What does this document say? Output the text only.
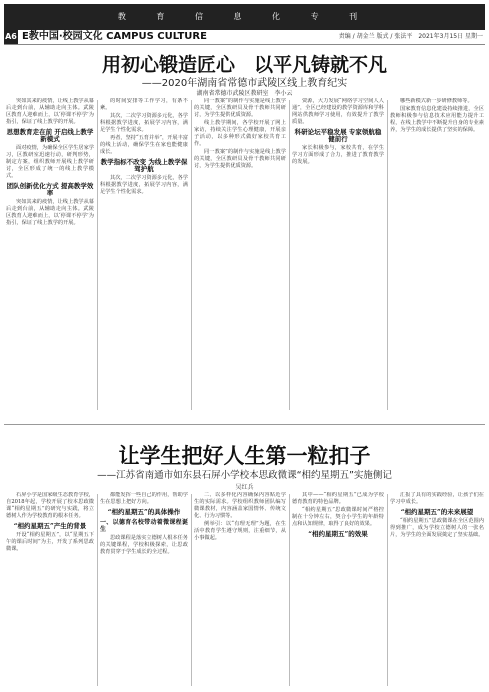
教 育 信 息 化 专 刊
A6 E教中国·校园文化 CAMPUS CULTURE	责编 / 胡金兰 版式 / 张法平　 2021年3月15日 星期一
用初心锻造匠心　以平凡铸就不凡
——2020年湖南省常德市武陵区线上教育纪实
湖南省常德市武陵区教研室　李小云

突如其来的疫情，让线上教学从幕后走到台前，从辅助走向主体。武陵区教育人迎难而上，以‘停课不停学’为指引，保证了线上教学的开展。

思想教育走在前 开启线上教学新模式

面对疫情，为确保全区学生居家学习，区教研室迅速行动，研判形势，制定方案，组织教师开展线上教学研讨，全区形成了统一的线上教学模式。

团队创新优化方式 提高教学效率

突如其来的疫情，让线上教学从幕后走到台前，从辅助走向主体。武陵区教育人迎难而上，以‘停课不停学’为指引，保证了线上教学的开展。

的时间安排等工作学习，有条不紊。

其次，二次学习资源多元化，各学科根据教学进度，拓展学习内容，满足学生个性化需求。

再者，坚持“五育并举”，开展丰富的线上活动，确保学生在家也能健康成长。

教学指标不改变 为线上教学保驾护航

其次，二次学习资源多元化，各学科根据教学进度，拓展学习内容，满足学生个性化需求。

同一教案”的制作与实施是线上教学的关键，全区教研员及骨干教师共同研讨，为学生提供优质资源。

线上教学期间，各学校开展了网上家访，持续关注学生心理健康，开展亲子活动，以多种形式做好家校共育工作。

同一教案”的制作与实施是线上教学的关键，全区教研员及骨干教师共同研讨，为学生提供优质资源。

资源，大力发展“网络学习空间人人通”，全区已经建设的教学资源库和学科网站供教师学习使用，有效提升了教学质量。

科研论坛平稳发展 专家领航稳健前行

家长积极参与，家校共育，在学生学习方面形成了合力，推进了教育教学的发展。

哪些新模式新一步研修教师等。

国家教育信息化建设持续推进，全区教师积极参与信息技术应用能力提升工程，在线上教学中不断提升自身的专业素养，为学生的成长提供了坚实的保障。

让学生把好人生第一粒扣子
——江苏省南通市如东县石屏小学校本思政微课“相约星期五”实施侧记
吴红兵

石屏小学是国家级生态教育学校，自2018年起，学校开展了校本思政微课“相约星期五”的研究与实践，将立德树人作为学校教育的根本任务。

“相约星期五”产生的背景

开设“相约星期五”，以“星期五下午的课后时间”为主，开发了系列思政微课。

都能发挥一些自己的作用，帮助学生在思想上把好方向。

“相约星期五”的具体操作
一、以德育名校带动着微课程诞生

思政课程是落实立德树人根本任务的关键课程，学校积极探索，让思政教育贯穿于学生成长的全过程。

二、以多样化内容确保内容贴近学生的实际需求。学校组织教师团队编写微课教材，内容涵盖家国情怀、传统文化、行为习惯等。

例举引：以“有理无理”为题，在生活中教育学生遵守规则，注重细节，从小事做起。

其中——“相约星期五”已成为学校德育教育的特色品牌。

“相约星期五”思政微课时间严格控制在十分钟左右，契合小学生的年龄特点和认知规律，取得了良好的效果。

“相约星期五”的效果

汇报了具有的实践经验，让孩子们在学习中成长。

“相约星期五”的未来展望

“相约星期五”思政微课在全区范围内得到推广，成为学校立德树人的一张名片，为学生的全面发展奠定了坚实基础。
